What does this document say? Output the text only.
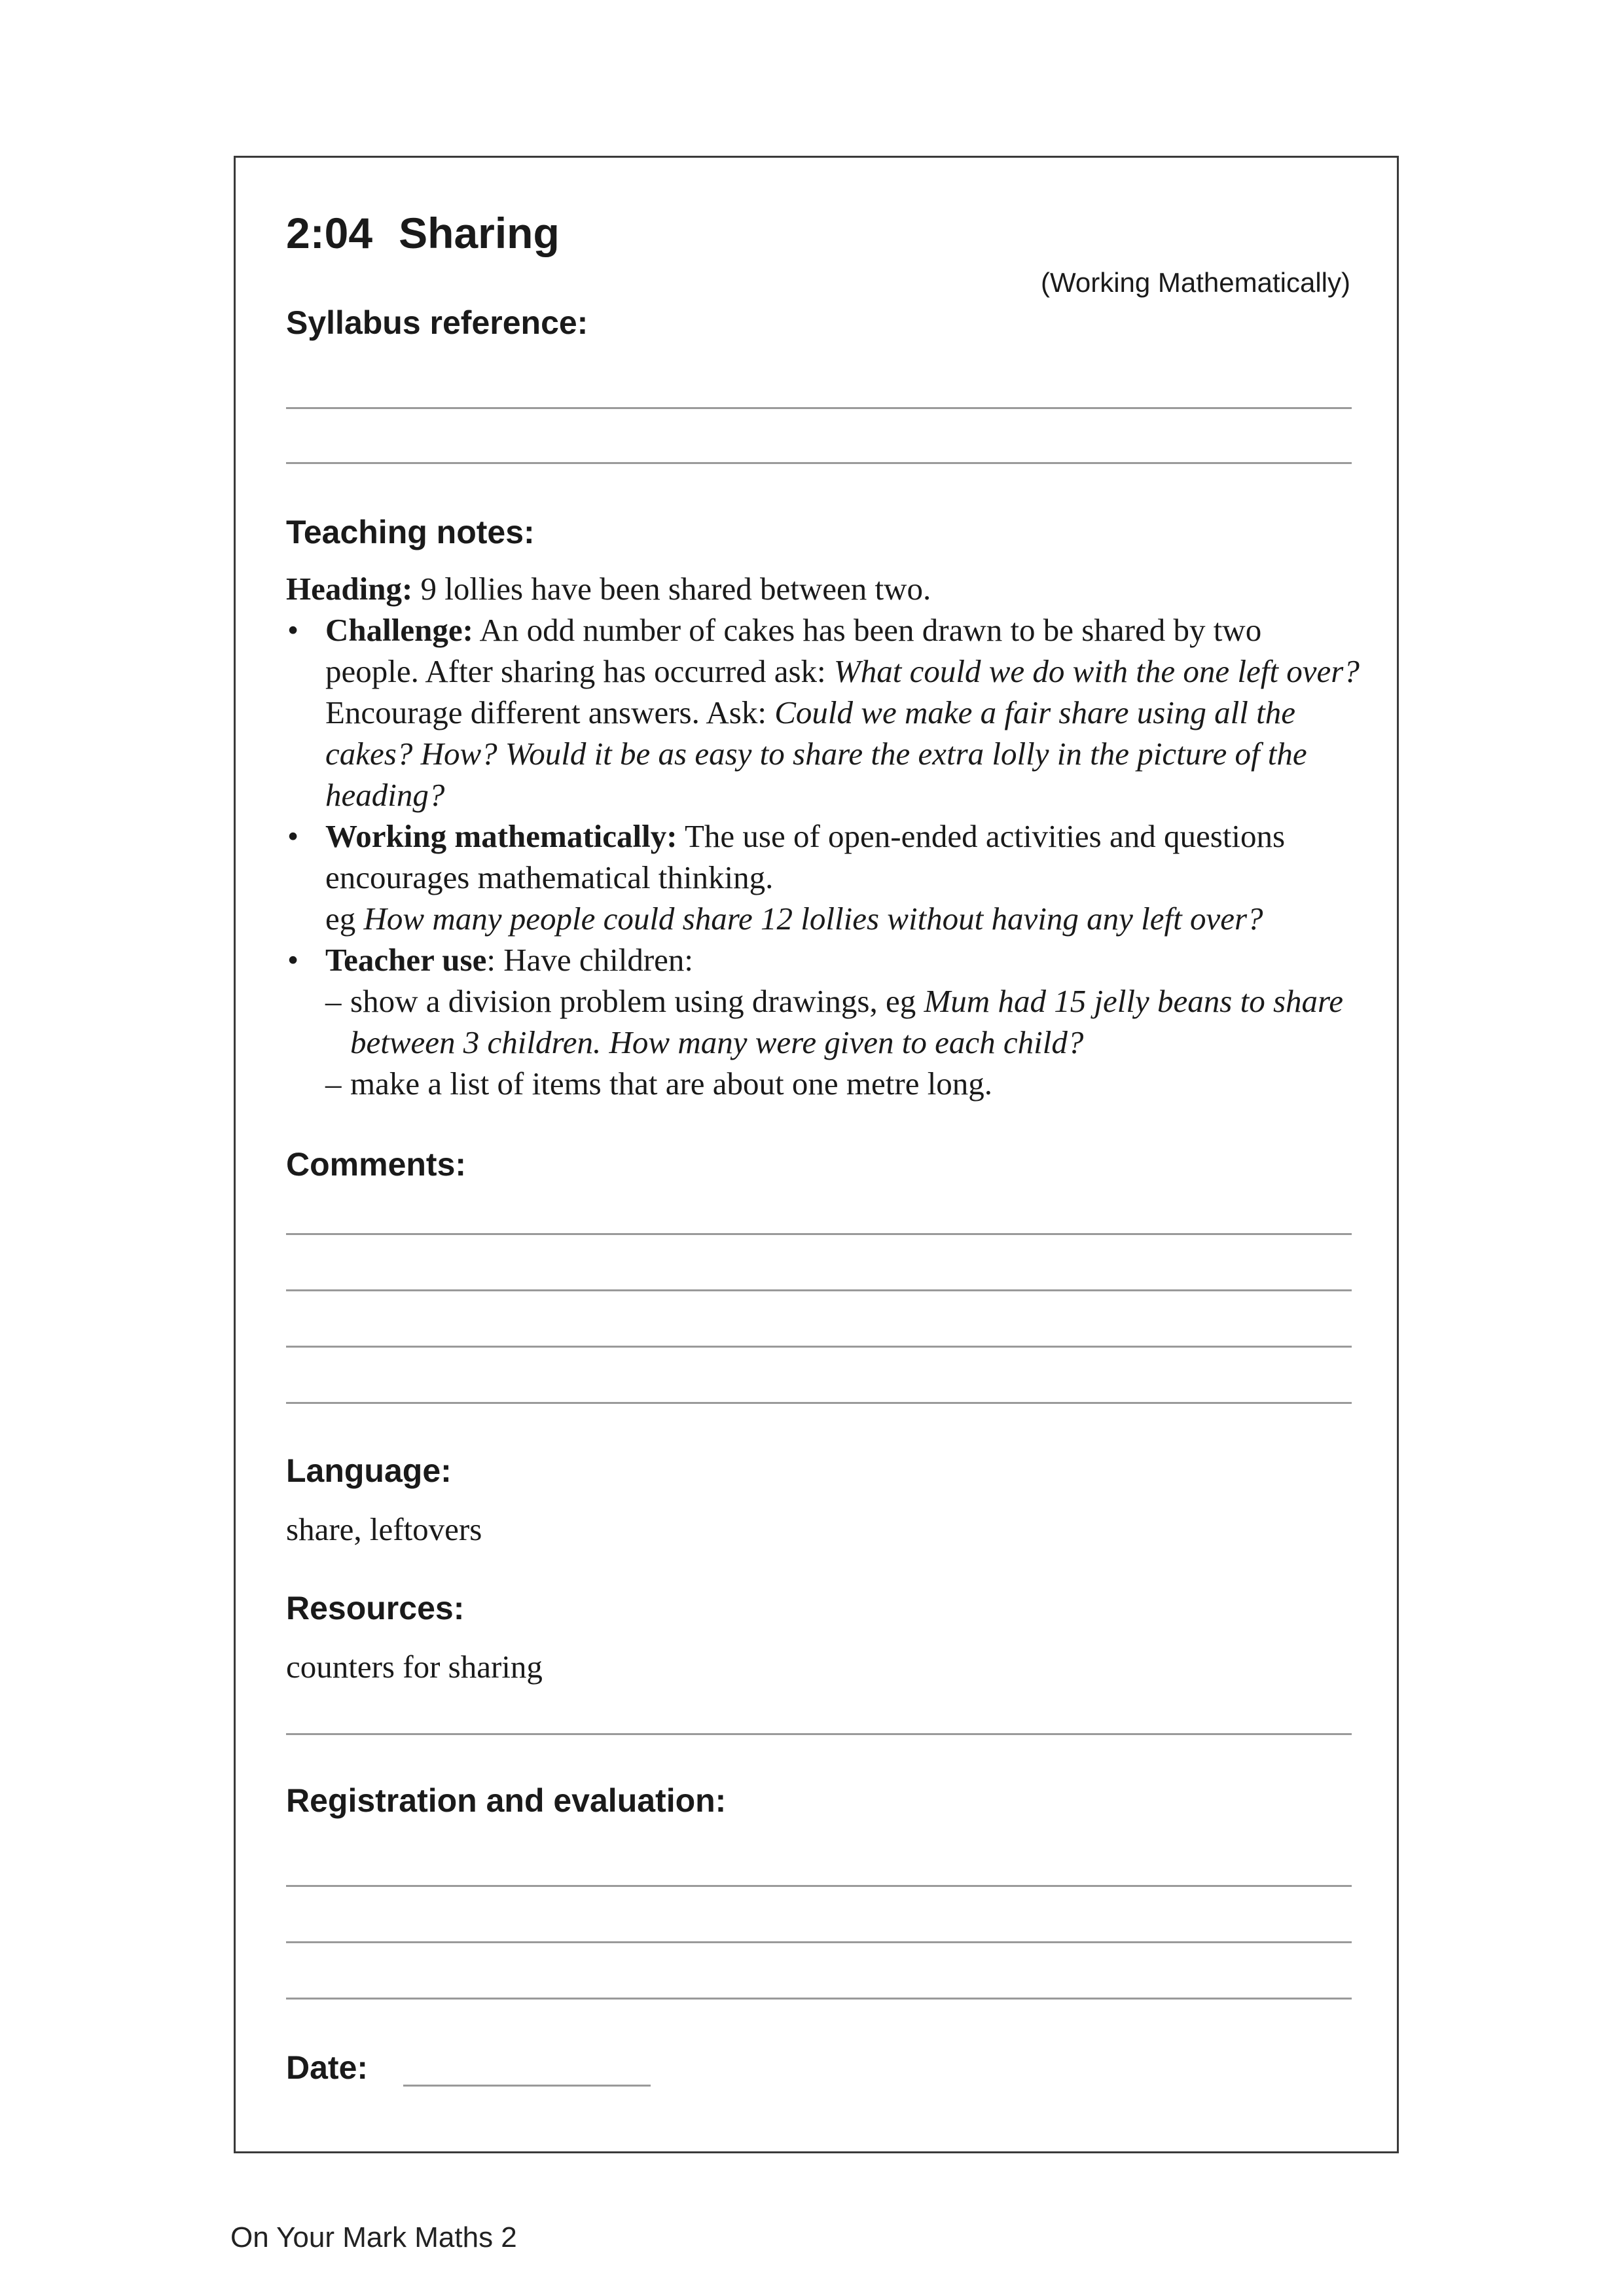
2:04 Sharing
(Working Mathematically)
Syllabus reference:
Teaching notes:

Heading: 9 lollies have been shared between two.

• Challenge: An odd number of cakes has been drawn to be shared by two people. After sharing has occurred ask: What could we do with the one left over? Encourage different answers. Ask: Could we make a fair share using all the cakes? How? Would it be as easy to share the extra lolly in the picture of the heading?

• Working mathematically: The use of open-ended activities and questions encourages mathematical thinking.
eg How many people could share 12 lollies without having any left over?

• Teacher use: Have children:

– show a division problem using drawings, eg Mum had 15 jelly beans to share between 3 children. How many were given to each child?

– make a list of items that are about one metre long.

Comments:
Language:
share, leftovers
Resources:
counters for sharing
Registration and evaluation:
Date:
On Your Mark Maths 2
